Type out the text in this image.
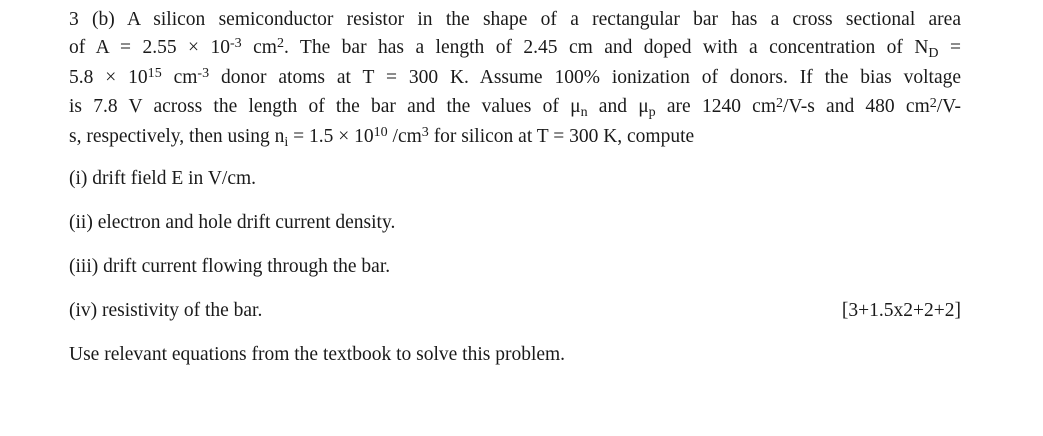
3 (b) A silicon semiconductor resistor in the shape of a rectangular bar has a cross sectional area
of $A = 2.55 \times 10^{-3}$ $cm^2$. The bar has a length of 2.45 cm and doped with a concentration of $N_D$ =
$5.8 \times 10^{15}$ $cm^{-3}$ donor atoms at T = 300 K. Assume 100% ionization of donors. If the bias voltage
is 7.8 V across the length of the bar and the values of $\mu_n$ and $\mu_p$ are 1240 $cm^2/V-s$ and 480 $cm^2/V-$
s, respectively, then using $n_i = 1.5 \times 10^{10}$ $/cm^3$ for silicon at T = 300 K, compute
(i) drift field E in V/cm.
(ii) electron and hole drift current density.
(iii) drift current flowing through the bar.
(iv) resistivity of the bar.	[3+1.5x2+2+2]
Use relevant equations from the textbook to solve this problem.
